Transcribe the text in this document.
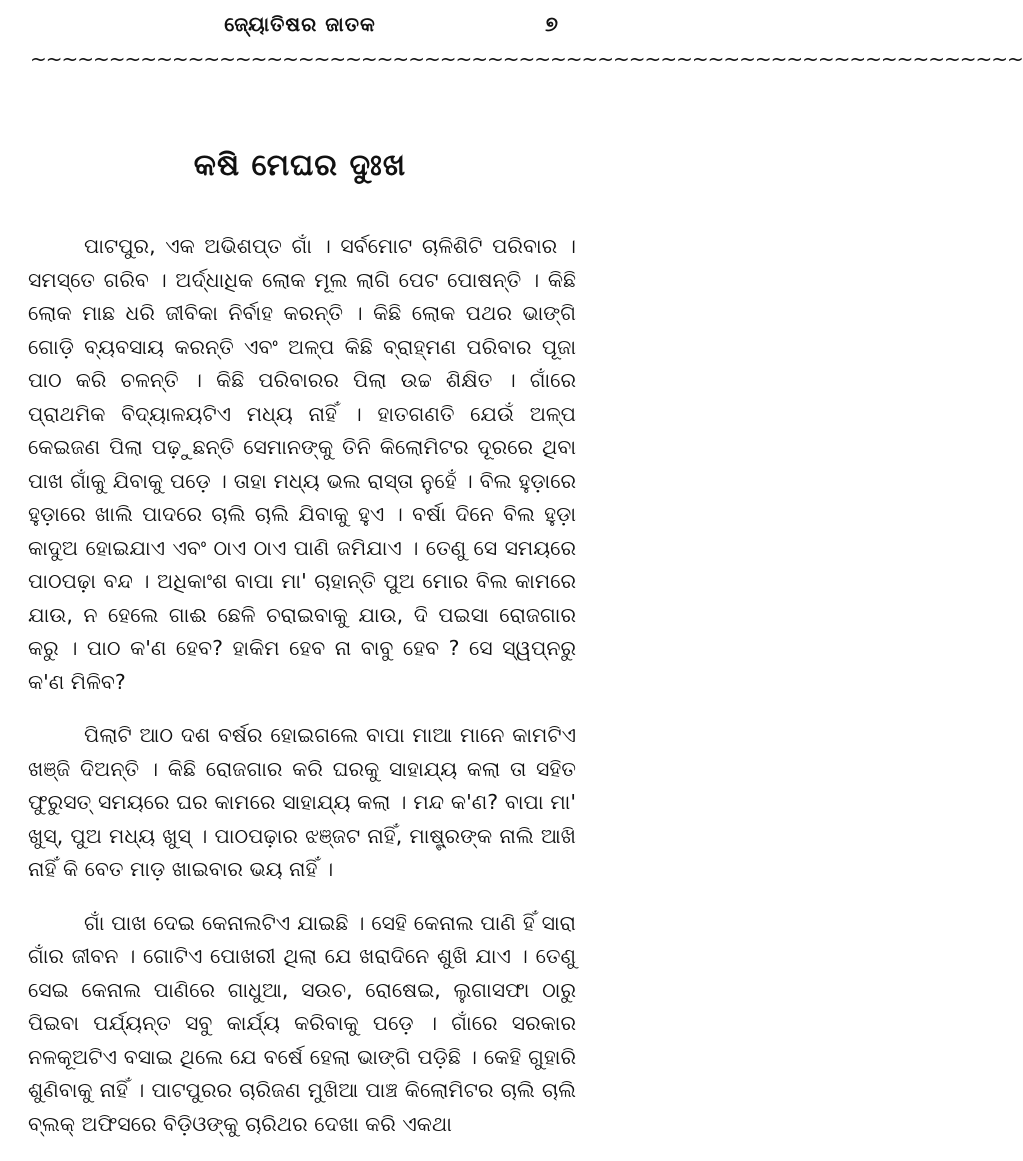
ଜ୍ୟୋତିଷର ଜାତକ	୭
~~~~~~~~~~~~~~~~~~~~~~~~~~~~~~~~~~~~~~~~~~~~~~~~~~~~~~~~~~~~~~~
କଷି ମେଘର ଦୁଃଖ

ପାଟପୁର, ଏକ ଅଭିଶପ୍ତ ଗାଁ । ସର୍ବମୋଟ ଚାଳିଶିଟି ପରିବାର । ସମସ୍ତେ ଗରିବ । ଅର୍ଦ୍ଧାଧିକ ଲୋକ ମୂଲ ଲାଗି ପେଟ ପୋଷନ୍ତି । କିଛି ଲୋକ ମାଛ ଧରି ଜୀବିକା ନିର୍ବାହ କରନ୍ତି । କିଛି ଲୋକ ପଥର ଭାଙ୍ଗି ଗୋଡ଼ି ବ୍ୟବସାୟ କରନ୍ତି ଏବଂ ଅଳ୍ପ କିଛି ବ୍ରାହ୍ମଣ ପରିବାର ପୂଜା ପାଠ କରି ଚଳନ୍ତି । କିଛି ପରିବାରର ପିଲା ଉଚ୍ଚ ଶିକ୍ଷିତ । ଗାଁରେ ପ୍ରାଥମିକ ବିଦ୍ୟାଳୟଟିଏ ମଧ୍ୟ ନାହିଁ । ହାତଗଣତି ଯେଉଁ ଅଳ୍ପ କେଇଜଣ ପିଲା ପଢ଼ୁଛନ୍ତି ସେମାନଙ୍କୁ ତିନି କିଲୋମିଟର ଦୂରରେ ଥିବା ପାଖ ଗାଁକୁ ଯିବାକୁ ପଡ଼େ । ତାହା ମଧ୍ୟ ଭଲ ରାସ୍ତା ନୁହେଁ । ବିଲ ହୁଡ଼ାରେ ହୁଡ଼ାରେ ଖାଲି ପାଦରେ ଚାଲି ଚାଲି ଯିବାକୁ ହୁଏ । ବର୍ଷା ଦିନେ ବିଲ ହୁଡ଼ା କାଦୁଅ ହୋଇଯାଏ ଏବଂ ଠାଏ ଠାଏ ପାଣି ଜମିଯାଏ । ତେଣୁ ସେ ସମୟରେ ପାଠପଢ଼ା ବନ୍ଦ । ଅଧିକାଂଶ ବାପା ମା' ଚାହାନ୍ତି ପୁଅ ମୋର ବିଲ କାମରେ ଯାଉ, ନ ହେଲେ ଗାଈ ଛେଳି ଚରାଇବାକୁ ଯାଉ, ଦି ପଇସା ରୋଜଗାର କରୁ । ପାଠ କ'ଣ ହେବ? ହାକିମ ହେବ ନା ବାବୁ ହେବ ? ସେ ସ୍ୱପ୍ନରୁ କ'ଣ ମିଳିବ?

ପିଲାଟି ଆଠ ଦଶ ବର୍ଷର ହୋଇଗଲେ ବାପା ମାଆ ମାନେ କାମଟିଏ ଖଞ୍ଜି ଦିଅନ୍ତି । କିଛି ରୋଜଗାର କରି ଘରକୁ ସାହାଯ୍ୟ କଲା ତା ସହିତ ଫୁରୁସତ୍ ସମୟରେ ଘର କାମରେ ସାହାଯ୍ୟ କଲା । ମନ୍ଦ କ'ଣ? ବାପା ମା' ଖୁସ୍, ପୁଅ ମଧ୍ୟ ଖୁସ୍ । ପାଠପଢ଼ାର ଝଞ୍ଜଟ ନାହିଁ, ମାଷ୍ଟ୍ରଙ୍କ ନାଲି ଆଖି ନାହିଁ କି ବେତ ମାଡ଼ ଖାଇବାର ଭୟ ନାହିଁ ।

ଗାଁ ପାଖ ଦେଇ କେନାଲଟିଏ ଯାଇଛି । ସେହି କେନାଲ ପାଣି ହିଁ ସାରା ଗାଁର ଜୀବନ । ଗୋଟିଏ ପୋଖରୀ ଥିଲା ଯେ ଖରାଦିନେ ଶୁଖି ଯାଏ । ତେଣୁ ସେଇ କେନାଲ ପାଣିରେ ଗାଧୁଆ, ସଉଚ, ରୋଷେଇ, ଲୁଗାସଫା ଠାରୁ ପିଇବା ପର୍ଯ୍ୟନ୍ତ ସବୁ କାର୍ଯ୍ୟ କରିବାକୁ ପଡ଼େ । ଗାଁରେ ସରକାର ନଳକୂଅଟିଏ ବସାଇ ଥିଲେ ଯେ ବର୍ଷେ ହେଲା ଭାଙ୍ଗି ପଡ଼ିଛି । କେହି ଗୁହାରି ଶୁଣିବାକୁ ନାହିଁ । ପାଟପୁରର ଚାରିଜଣ ମୁଖିଆ ପାଞ୍ଚ କିଲୋମିଟର ଚାଲି ଚାଲି ବ୍ଲକ୍ ଅଫିସରେ ବିଡ଼ିଓଙ୍କୁ ଚାରିଥର ଦେଖା କରି ଏକଥା
